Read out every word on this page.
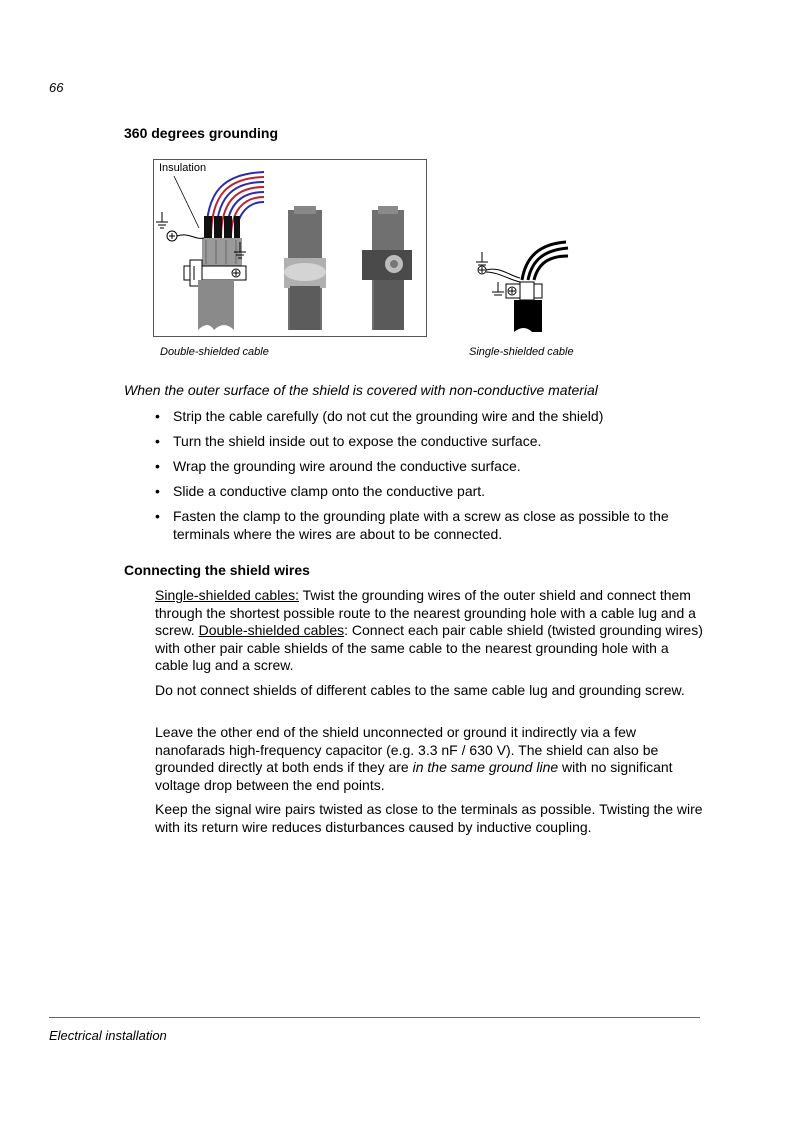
66
360 degrees grounding
Insulation
Double-shielded cable	Single-shielded cable
When the outer surface of the shield is covered with non-conductive material
• Strip the cable carefully (do not cut the grounding wire and the shield)
• Turn the shield inside out to expose the conductive surface.
• Wrap the grounding wire around the conductive surface.
• Slide a conductive clamp onto the conductive part.
• Fasten the clamp to the grounding plate with a screw as close as possible to the terminals where the wires are about to be connected.
Connecting the shield wires

Single-shielded cables: Twist the grounding wires of the outer shield and connect them through the shortest possible route to the nearest grounding hole with a cable lug and a screw. Double-shielded cables: Connect each pair cable shield (twisted grounding wires) with other pair cable shields of the same cable to the nearest grounding hole with a cable lug and a screw.

Do not connect shields of different cables to the same cable lug and grounding screw.

Leave the other end of the shield unconnected or ground it indirectly via a few nanofarads high-frequency capacitor (e.g. 3.3 nF / 630 V). The shield can also be grounded directly at both ends if they are in the same ground line with no significant voltage drop between the end points.

Keep the signal wire pairs twisted as close to the terminals as possible. Twisting the wire with its return wire reduces disturbances caused by inductive coupling.

Electrical installation
